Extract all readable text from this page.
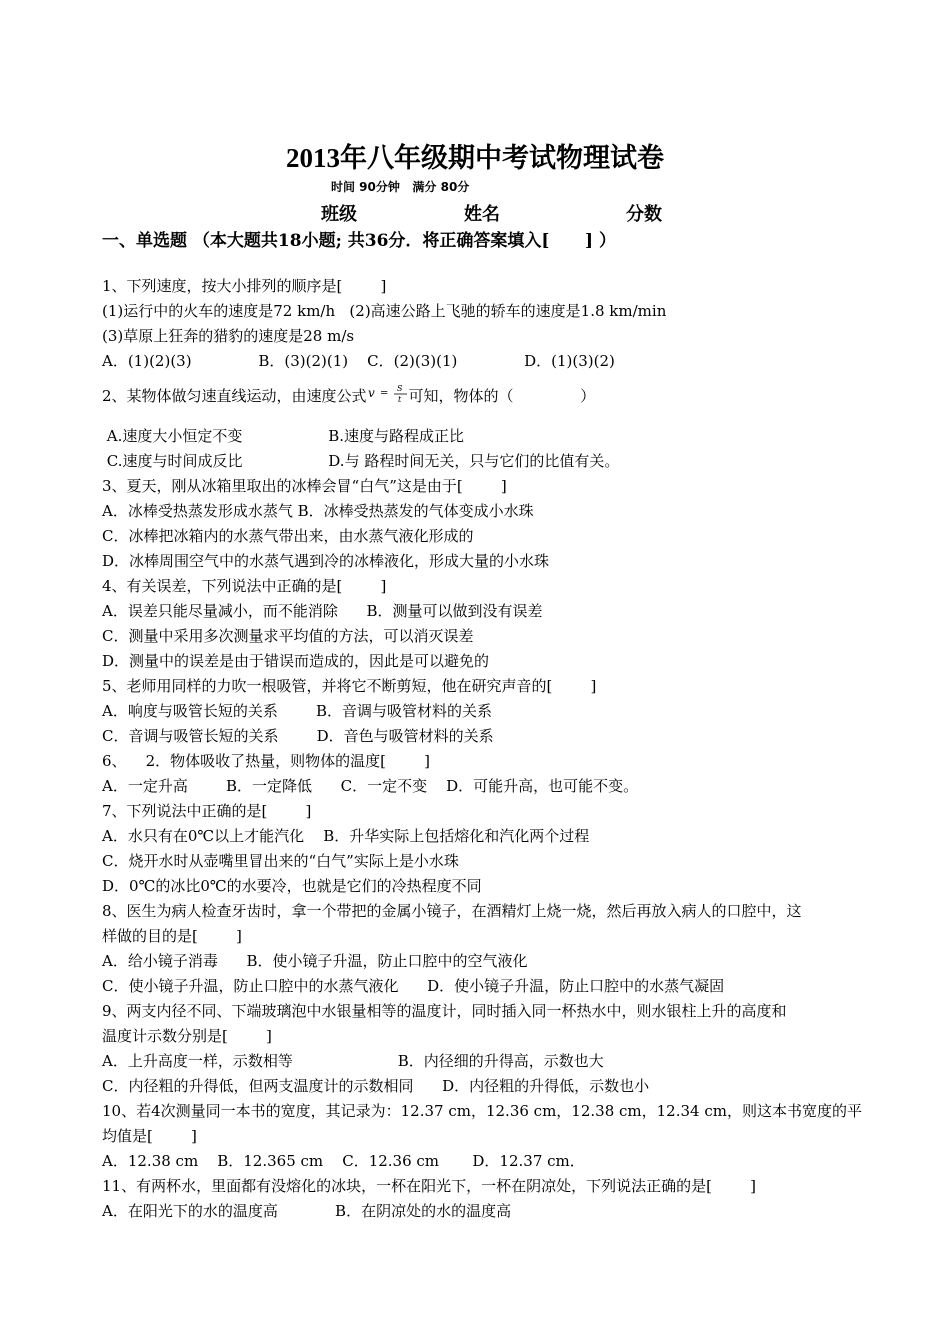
2013年八年级期中考试物理试卷
时间 90分钟   满分 80分
班级	姓名	分数
一、单选题 （本大题共18小题; 共36分．将正确答案填入[      ] ）
1、下列速度，按大小排列的顺序是[        ]
(1)运行中的火车的速度是72 km/h   (2)高速公路上飞驰的轿车的速度是1.8 km/min
(3)草原上狂奔的猎豹的速度是28 m/s
A．(1)(2)(3)              B．(3)(2)(1)    C．(2)(3)(1)              D．(1)(3)(2)
2、某物体做匀速直线运动，由速度公式 v = S
t 可知，物体的（              ）
A.速度大小恒定不变                  B.速度与路程成正比
C.速度与时间成反比                  D.与 路程时间无关，只与它们的比值有关。
3、夏天，刚从冰箱里取出的冰棒会冒“白气”这是由于[        ]
A．冰棒受热蒸发形成水蒸气 B．冰棒受热蒸发的气体变成小水珠
C．冰棒把冰箱内的水蒸气带出来，由水蒸气液化形成的
D．冰棒周围空气中的水蒸气遇到冷的冰棒液化，形成大量的小水珠
4、有关误差，下列说法中正确的是[        ]
A．误差只能尽量减小，而不能消除      B．测量可以做到没有误差
C．测量中采用多次测量求平均值的方法，可以消灭误差
D．测量中的误差是由于错误而造成的，因此是可以避免的
5、老师用同样的力吹一根吸管，并将它不断剪短，他在研究声音的[        ]
A．响度与吸管长短的关系        B．音调与吸管材料的关系
C．音调与吸管长短的关系        D．音色与吸管材料的关系
6、    2．物体吸收了热量，则物体的温度[        ]
A．一定升高        B．一定降低      C．一定不变    D．可能升高，也可能不变。
7、下列说法中正确的是[        ]
A．水只有在0℃以上才能汽化    B．升华实际上包括熔化和汽化两个过程
C．烧开水时从壶嘴里冒出来的“白气”实际上是小水珠
D．0℃的冰比0℃的水要冷，也就是它们的冷热程度不同
8、医生为病人检查牙齿时，拿一个带把的金属小镜子，在酒精灯上烧一烧，然后再放入病人的口腔中，这
样做的目的是[        ]
A．给小镜子消毒      B．使小镜子升温，防止口腔中的空气液化
C．使小镜子升温，防止口腔中的水蒸气液化      D．使小镜子升温，防止口腔中的水蒸气凝固
9、两支内径不同、下端玻璃泡中水银量相等的温度计，同时插入同一杯热水中，则水银柱上升的高度和
温度计示数分别是[        ]
A．上升高度一样，示数相等                      B．内径细的升得高，示数也大
C．内径粗的升得低，但两支温度计的示数相同      D．内径粗的升得低，示数也小
10、若4次测量同一本书的宽度，其记录为：12.37 cm，12.36 cm，12.38 cm，12.34 cm，则这本书宽度的平
均值是[        ]
A．12.38 cm    B．12.365 cm    C．12.36 cm       D．12.37 cm．
11、有两杯水，里面都有没熔化的冰块，一杯在阳光下，一杯在阴凉处，下列说法正确的是[        ]
A．在阳光下的水的温度高            B．在阴凉处的水的温度高
